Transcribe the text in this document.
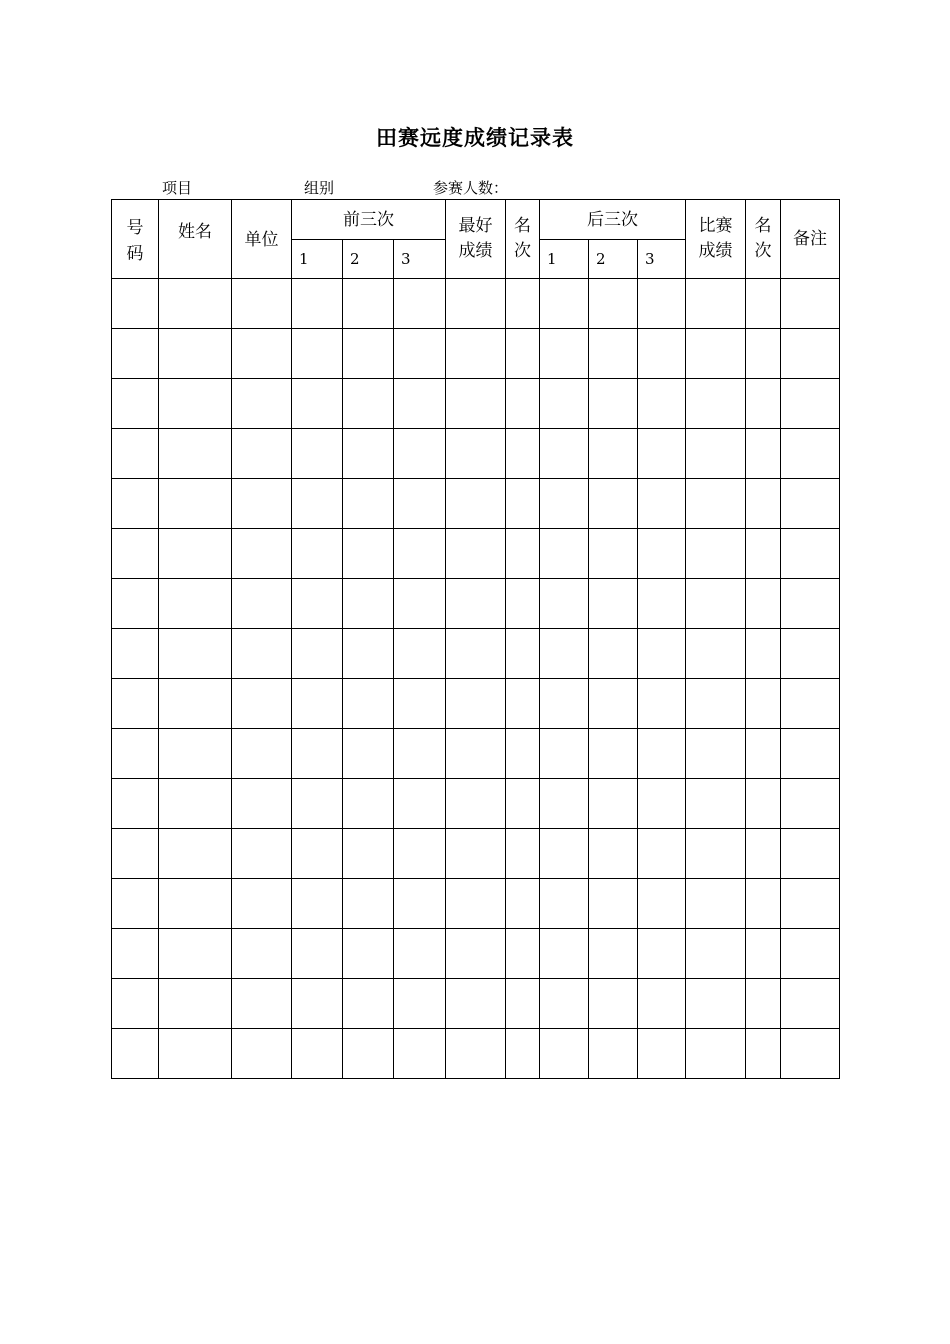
田赛远度成绩记录表
项目	组别	参赛人数：
号码	姓名	单位	前三次			最好成绩	名次	后三次			比赛成绩	名次	备注
			1	2	3			1	2	3			
